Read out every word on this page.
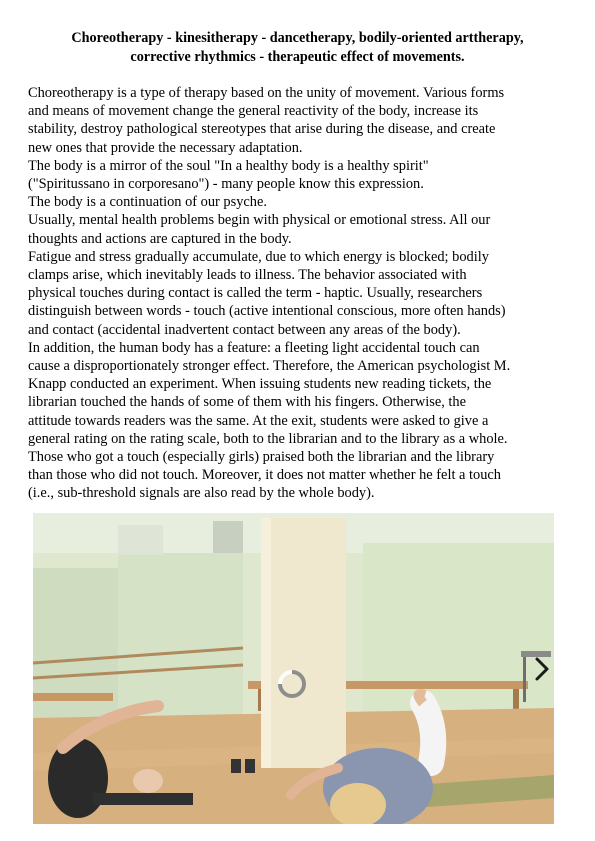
Choreotherapy - kinesitherapy - dancetherapy, bodily-oriented arttherapy,
corrective rhythmics - therapeutic effect of movements.
Choreotherapy is a type of therapy based on the unity of movement. Various forms
and means of movement change the general reactivity of the body, increase its
stability, destroy pathological stereotypes that arise during the disease, and create
new ones that provide the necessary adaptation.
The body is a mirror of the soul "In a healthy body is a healthy spirit"
("Spiritussano in corporesano") - many people know this expression.
The body is a continuation of our psyche.
Usually, mental health problems begin with physical or emotional stress. All our
thoughts and actions are captured in the body.
Fatigue and stress gradually accumulate, due to which energy is blocked; bodily
clamps arise, which inevitably leads to illness. The behavior associated with
physical touches during contact is called the term - haptic. Usually, researchers
distinguish between words - touch (active intentional conscious, more often hands)
and contact (accidental inadvertent contact between any areas of the body).
In addition, the human body has a feature: a fleeting light accidental touch can
cause a disproportionately stronger effect. Therefore, the American psychologist M.
Knapp conducted an experiment. When issuing students new reading tickets, the
librarian touched the hands of some of them with his fingers. Otherwise, the
attitude towards readers was the same. At the exit, students were asked to give a
general rating on the rating scale, both to the librarian and to the library as a whole.
Those who got a touch (especially girls) praised both the librarian and the library
than those who did not touch. Moreover, it does not matter whether he felt a touch
(i.e., sub-threshold signals are also read by the whole body).
